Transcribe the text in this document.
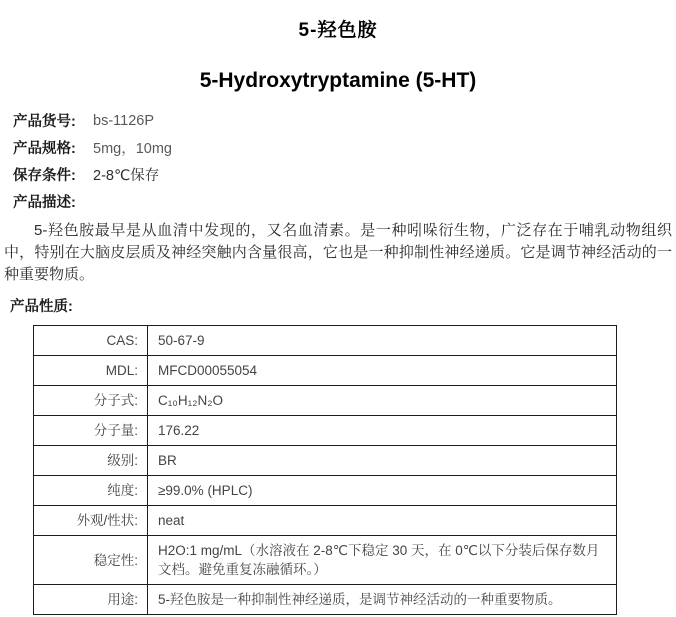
5-羟色胺
5-Hydroxytryptamine (5-HT)
产品货号:	bs-1126P
产品规格:	5mg，10mg
保存条件:	2-8℃保存
产品描述:

5-羟色胺最早是从血清中发现的，又名血清素。是一种吲哚衍生物，广泛存在于哺乳动物组织中，特别在大脑皮层质及神经突触内含量很高，它也是一种抑制性神经递质。它是调节神经活动的一种重要物质。

产品性质:
CAS:	50-67-9
MDL:	MFCD00055054
分子式:	C₁₀H₁₂N₂O
分子量:	176.22
级别:	BR
纯度:	≥99.0% (HPLC)
外观/性状:	neat
稳定性:	H2O:1 mg/mL（水溶液在 2-8℃下稳定 30 天，在 0℃以下分装后保存数月文档。避免重复冻融循环。）
用途:	5-羟色胺是一种抑制性神经递质，是调节神经活动的一种重要物质。
